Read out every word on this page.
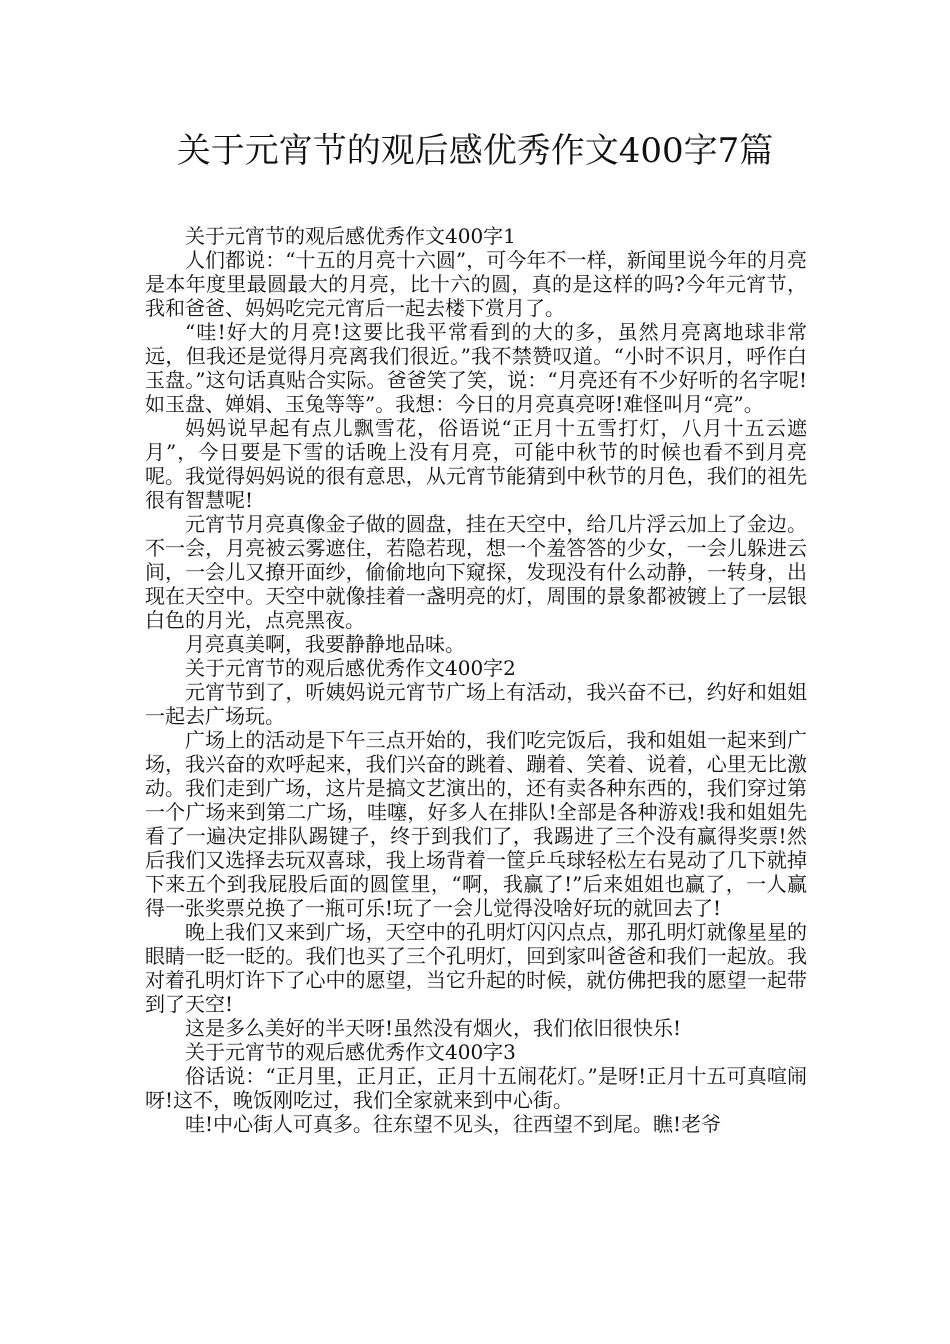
关于元宵节的观后感优秀作文400字7篇

关于元宵节的观后感优秀作文400字1

人们都说：“十五的月亮十六圆”，可今年不一样，新闻里说今年的月亮是本年度里最圆最大的月亮，比十六的圆，真的是这样的吗?今年元宵节，我和爸爸、妈妈吃完元宵后一起去楼下赏月了。

“哇!好大的月亮!这要比我平常看到的大的多，虽然月亮离地球非常远，但我还是觉得月亮离我们很近。”我不禁赞叹道。“小时不识月，呼作白玉盘。”这句话真贴合实际。爸爸笑了笑，说：“月亮还有不少好听的名字呢!如玉盘、婵娟、玉兔等等”。我想：今日的月亮真亮呀!难怪叫月“亮”。

妈妈说早起有点儿飘雪花，俗语说“正月十五雪打灯，八月十五云遮月”，今日要是下雪的话晚上没有月亮，可能中秋节的时候也看不到月亮呢。我觉得妈妈说的很有意思，从元宵节能猜到中秋节的月色，我们的祖先很有智慧呢!

元宵节月亮真像金子做的圆盘，挂在天空中，给几片浮云加上了金边。不一会，月亮被云雾遮住，若隐若现，想一个羞答答的少女，一会儿躲进云间，一会儿又撩开面纱，偷偷地向下窥探，发现没有什么动静，一转身，出现在天空中。天空中就像挂着一盏明亮的灯，周围的景象都被镀上了一层银白色的月光，点亮黑夜。

月亮真美啊，我要静静地品味。

关于元宵节的观后感优秀作文400字2

元宵节到了，听姨妈说元宵节广场上有活动，我兴奋不已，约好和姐姐一起去广场玩。

广场上的活动是下午三点开始的，我们吃完饭后，我和姐姐一起来到广场，我兴奋的欢呼起来，我们兴奋的跳着、蹦着、笑着、说着，心里无比激动。我们走到广场，这片是搞文艺演出的，还有卖各种东西的，我们穿过第一个广场来到第二广场，哇噻，好多人在排队!全部是各种游戏!我和姐姐先看了一遍决定排队踢键子，终于到我们了，我踢进了三个没有赢得奖票!然后我们又选择去玩双喜球，我上场背着一筐乒乓球轻松左右晃动了几下就掉下来五个到我屁股后面的圆筐里，“啊，我赢了!”后来姐姐也赢了，一人赢得一张奖票兑换了一瓶可乐!玩了一会儿觉得没啥好玩的就回去了!

晚上我们又来到广场，天空中的孔明灯闪闪点点，那孔明灯就像星星的眼睛一眨一眨的。我们也买了三个孔明灯，回到家叫爸爸和我们一起放。我对着孔明灯许下了心中的愿望，当它升起的时候，就仿佛把我的愿望一起带到了天空!

这是多么美好的半天呀!虽然没有烟火，我们依旧很快乐!

关于元宵节的观后感优秀作文400字3

俗话说：“正月里，正月正，正月十五闹花灯。”是呀!正月十五可真喧闹呀!这不，晚饭刚吃过，我们全家就来到中心街。

哇!中心街人可真多。往东望不见头，往西望不到尾。瞧!老爷
